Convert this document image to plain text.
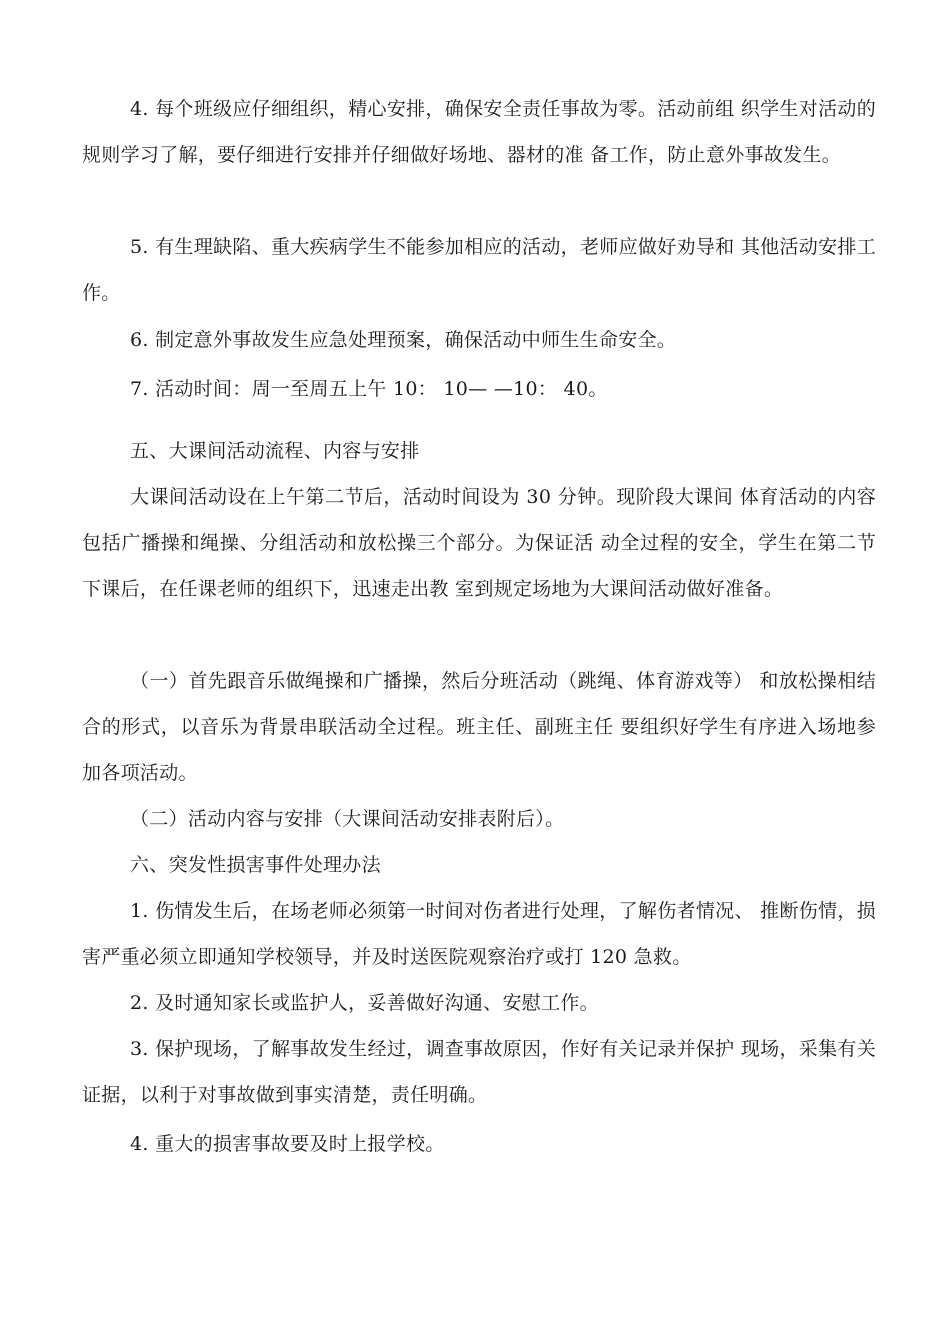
4. 每个班级应仔细组织，精心安排，确保安全责任事故为零。活动前组 织学生对活动的规则学习了解，要仔细进行安排并仔细做好场地、器材的准 备工作，防止意外事故发生。

5. 有生理缺陷、重大疾病学生不能参加相应的活动，老师应做好劝导和 其他活动安排工作。

6. 制定意外事故发生应急处理预案，确保活动中师生生命安全。

7. 活动时间：周一至周五上午 10： 10— —10： 40。

五、大课间活动流程、内容与安排

大课间活动设在上午第二节后，活动时间设为 30 分钟。现阶段大课间 体育活动的内容包括广播操和绳操、分组活动和放松操三个部分。为保证活 动全过程的安全，学生在第二节下课后，在任课老师的组织下，迅速走出教 室到规定场地为大课间活动做好准备。

（一）首先跟音乐做绳操和广播操，然后分班活动（跳绳、体育游戏等） 和放松操相结合的形式，以音乐为背景串联活动全过程。班主任、副班主任 要组织好学生有序进入场地参加各项活动。

（二）活动内容与安排（大课间活动安排表附后）。

六、突发性损害事件处理办法

1. 伤情发生后，在场老师必须第一时间对伤者进行处理，了解伤者情况、 推断伤情，损害严重必须立即通知学校领导，并及时送医院观察治疗或打 120 急救。

2. 及时通知家长或监护人，妥善做好沟通、安慰工作。

3. 保护现场，了解事故发生经过，调查事故原因，作好有关记录并保护 现场，采集有关证据，以利于对事故做到事实清楚，责任明确。

4. 重大的损害事故要及时上报学校。
